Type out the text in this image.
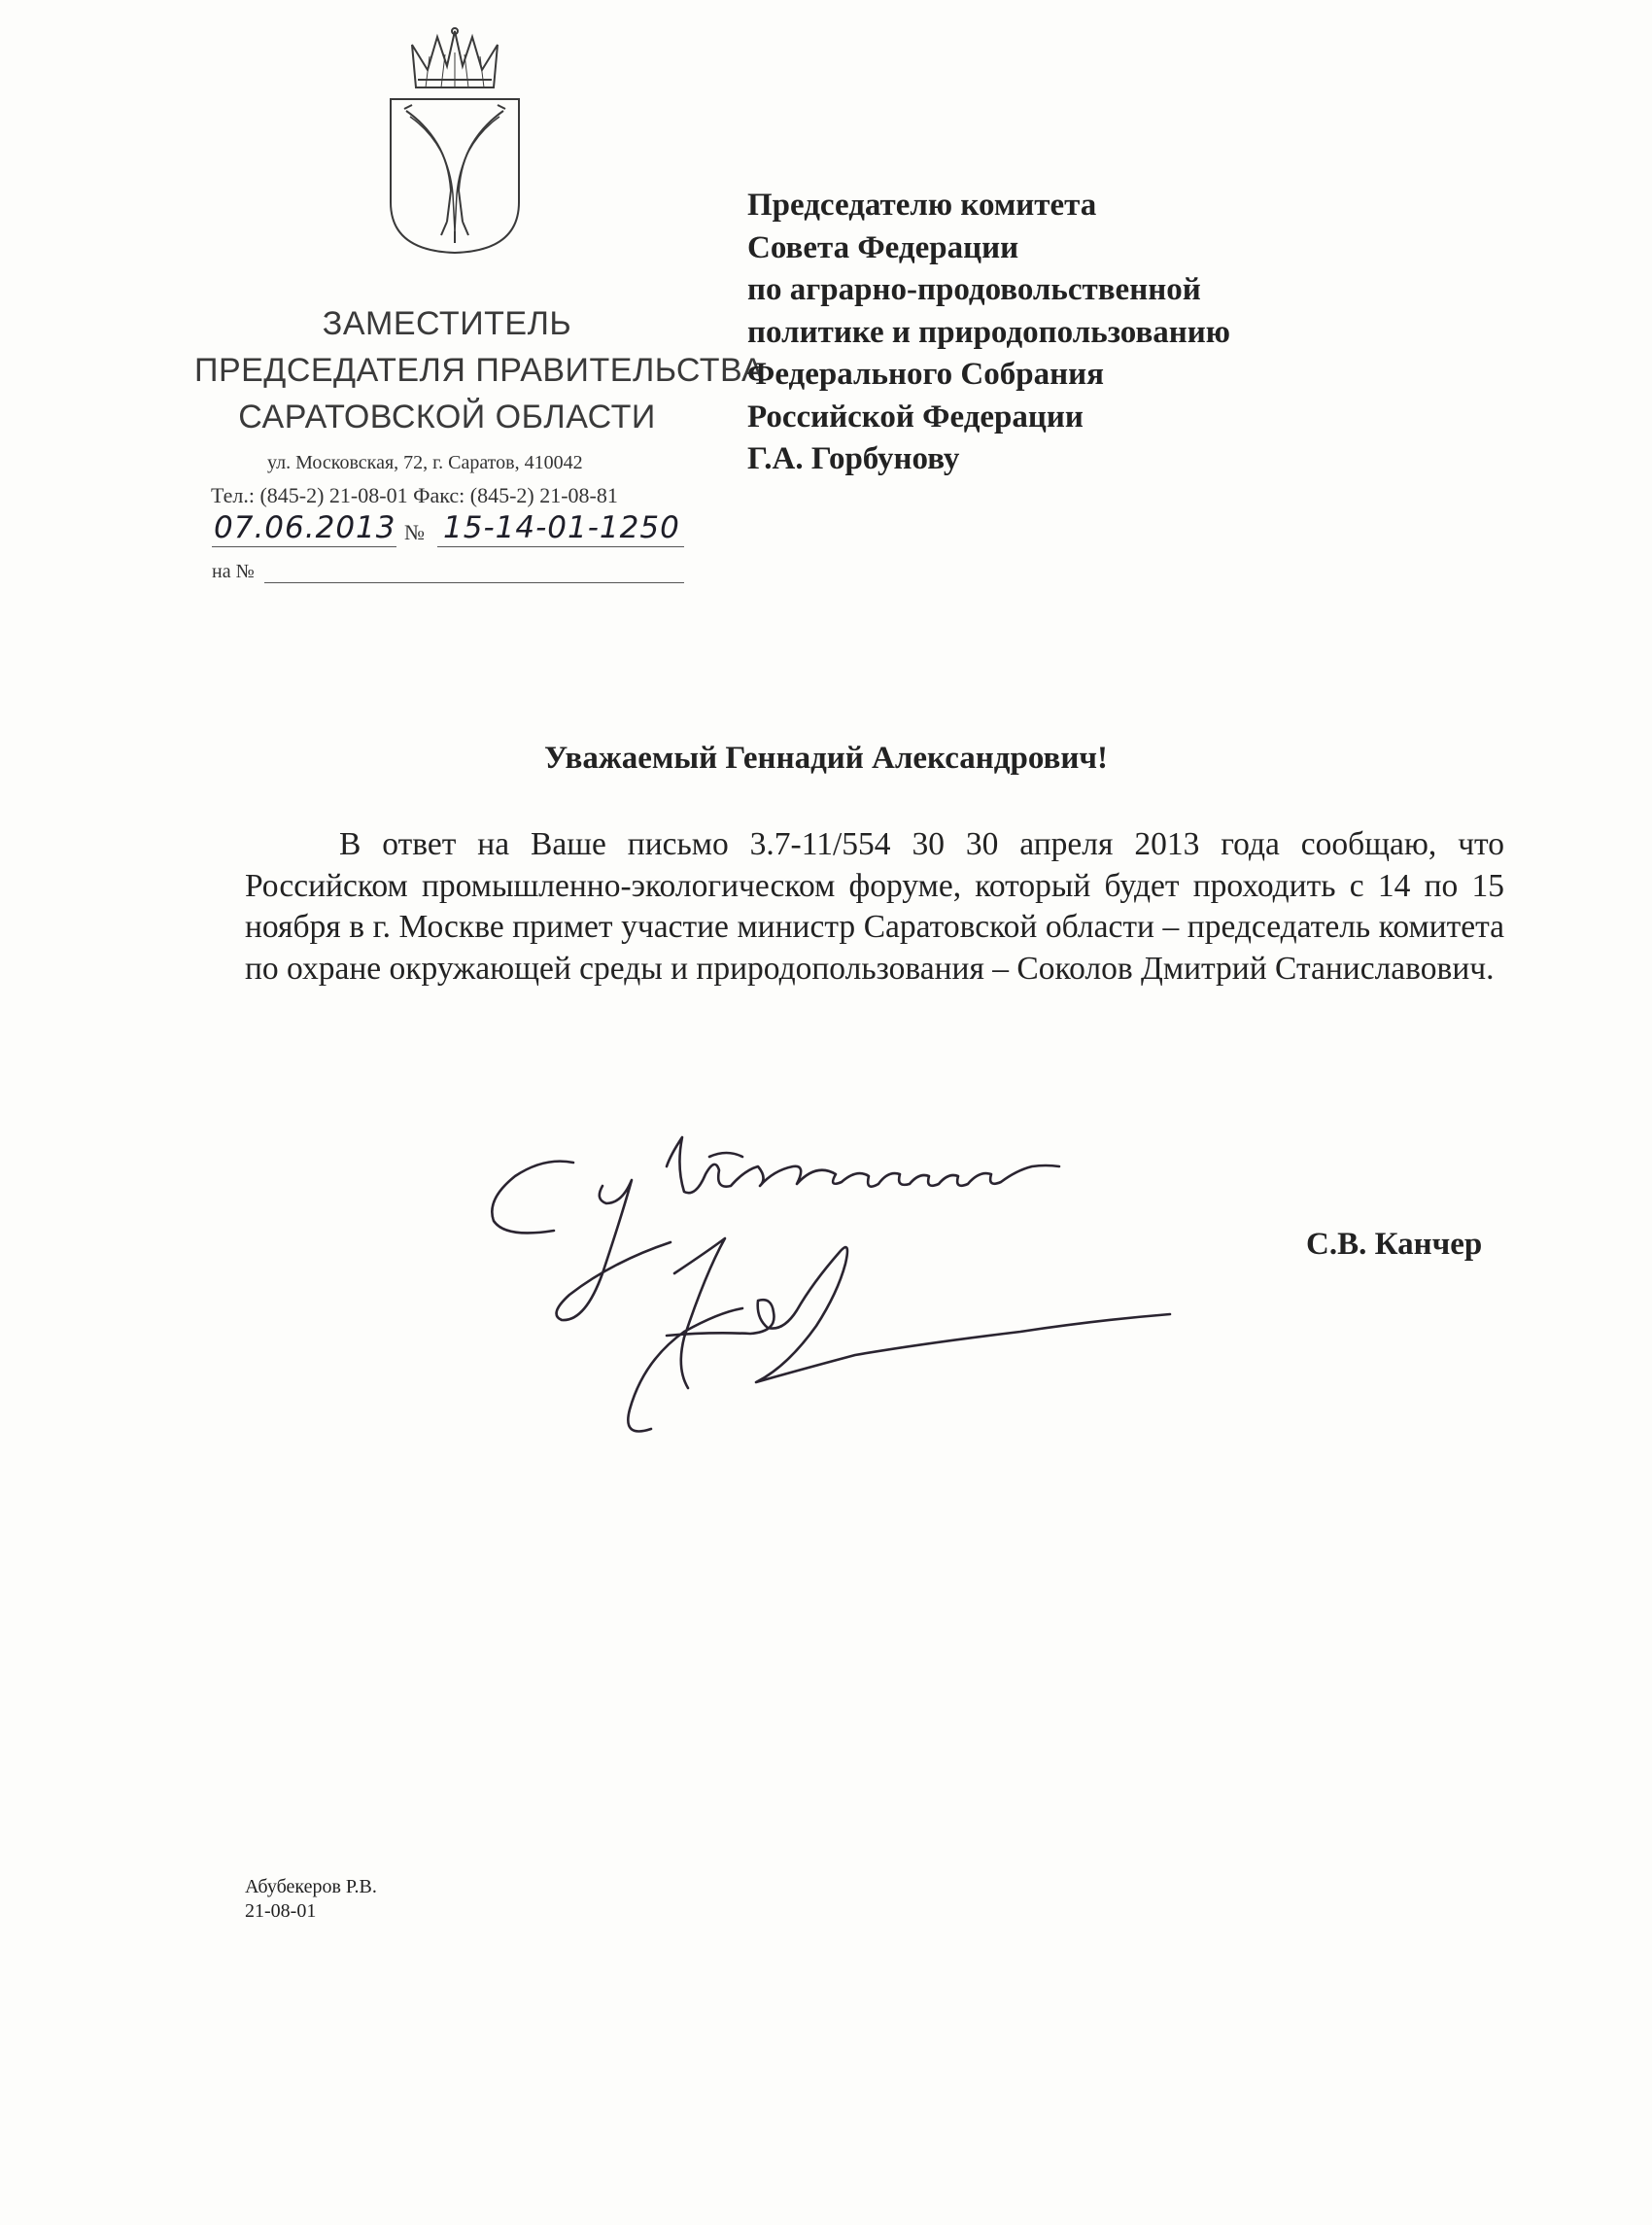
ЗАМЕСТИТЕЛЬ
ПРЕДСЕДАТЕЛЯ ПРАВИТЕЛЬСТВА
САРАТОВСКОЙ ОБЛАСТИ
ул. Московская, 72, г. Саратов, 410042
Тел.: (845-2) 21-08-01 Факс: (845-2) 21-08-81
07.06.2013 № 15-14-01-1250
на №
Председателю комитета
Совета Федерации
по аграрно-продовольственной
политике и природопользованию
Федерального Собрания
Российской Федерации
Г.А. Горбунову
Уважаемый Геннадий Александрович!

В ответ на Ваше письмо 3.7-11/554 30 30 апреля 2013 года сообщаю, что Российском промышленно-экологическом форуме, который будет проходить с 14 по 15 ноября в г. Москве примет участие министр Саратовской области – председатель комитета по охране окружающей среды и природопользования – Соколов Дмитрий Станиславович.

С.В. Канчер
Абубекеров Р.В.
21-08-01
